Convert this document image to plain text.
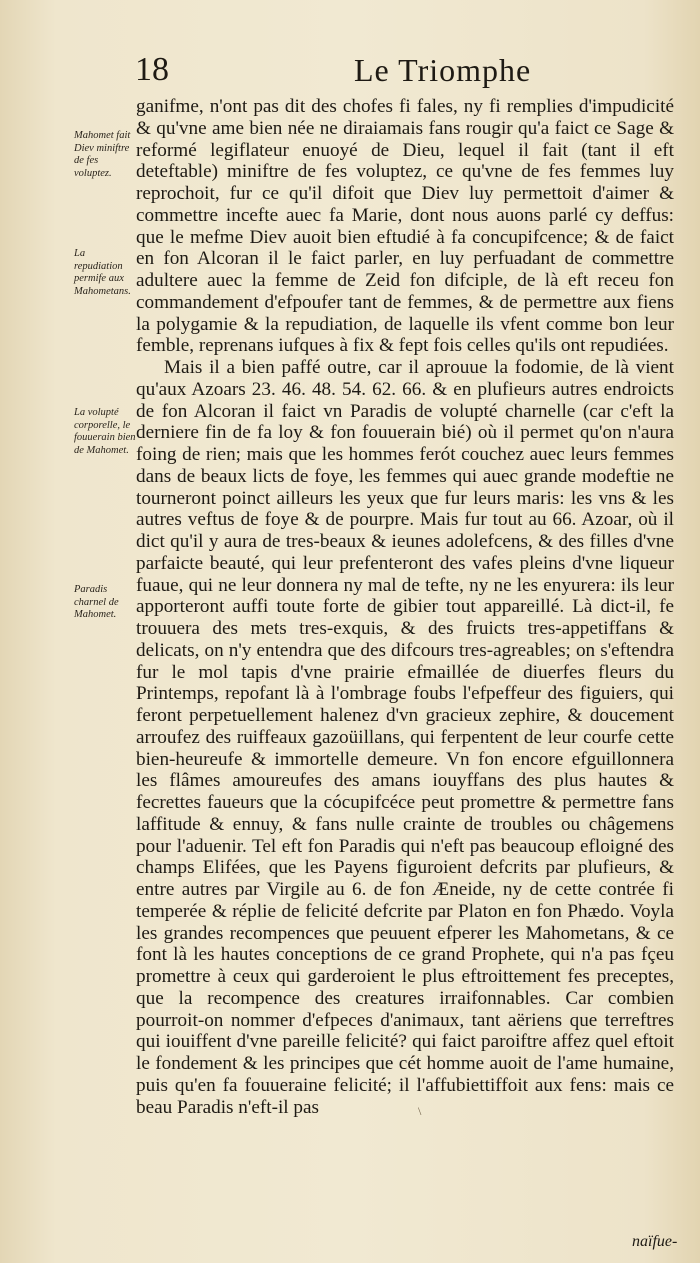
18	Le Triomphe
Mahomet fait Diev miniftre de fes voluptez.
La repudiation permife aux Mahometans.
La volupté corporelle, le fouuerain bien de Mahomet.
Paradis charnel de Mahomet.

ganifme, n'ont pas dit des chofes fi fales, ny fi remplies d'impudicité & qu'vne ame bien née ne diraiamais fans rougir qu'a faict ce Sage & reformé legiflateur enuoyé de Dieu, lequel il fait (tant il eft deteftable) miniftre de fes voluptez, ce qu'vne de fes femmes luy reprochoit, fur ce qu'il difoit que Diev luy permettoit d'aimer & commettre incefte auec fa Marie, dont nous auons parlé cy deffus: que le mefme Diev auoit bien eftudié à fa concupifcence; & de faict en fon Alcoran il le faict parler, en luy perfuadant de commettre adultere auec la femme de Zeid fon difciple, de là eft receu fon commandement d'efpoufer tant de femmes, & de permettre aux fiens la polygamie & la repudiation, de laquelle ils vfent comme bon leur femble, reprenans iufques à fix & fept fois celles qu'ils ont repudiées.

Mais il a bien paffé outre, car il aprouue la fodomie, de là vient qu'aux Azoars 23. 46. 48. 54. 62. 66. & en plufieurs autres endroicts de fon Alcoran il faict vn Paradis de volupté charnelle (car c'eft la derniere fin de fa loy & fon fouuerain bié) où il permet qu'on n'aura foing de rien; mais que les hommes ferót couchez auec leurs femmes dans de beaux licts de foye, les femmes qui auec grande modeftie ne tourneront poinct ailleurs les yeux que fur leurs maris: les vns & les autres veftus de foye & de pourpre. Mais fur tout au 66. Azoar, où il dict qu'il y aura de tres-beaux & ieunes adolefcens, & des filles d'vne parfaicte beauté, qui leur prefenteront des vafes pleins d'vne liqueur fuaue, qui ne leur donnera ny mal de tefte, ny ne les enyurera: ils leur apporteront auffi toute forte de gibier tout appareillé. Là dict-il, fe trouuera des mets tres-exquis, & des fruicts tres-appetiffans & delicats, on n'y entendra que des difcours tres-agreables; on s'eftendra fur le mol tapis d'vne prairie efmaillée de diuerfes fleurs du Printemps, repofant là à l'ombrage foubs l'efpeffeur des figuiers, qui feront perpetuellement halenez d'vn gracieux zephire, & doucement arroufez des ruiffeaux gazoüillans, qui ferpentent de leur courfe cette bien-heureufe & immortelle demeure. Vn fon encore efguillonnera les flâmes amoureufes des amans iouyffans des plus hautes & fecrettes faueurs que la cócupifcéce peut promettre & permettre fans laffitude & ennuy, & fans nulle crainte de troubles ou châgemens pour l'aduenir. Tel eft fon Paradis qui n'eft pas beaucoup efloigné des champs Elifées, que les Payens figuroient defcrits par plufieurs, & entre autres par Virgile au 6. de fon Æneide, ny de cette contrée fi temperée & réplie de felicité defcrite par Platon en fon Phædo. Voyla les grandes recompences que peuuent efperer les Mahometans, & ce font là les hautes conceptions de ce grand Prophete, qui n'a pas fçeu promettre à ceux qui garderoient le plus eftroittement fes preceptes, que la recompence des creatures irraifonnables. Car combien pourroit-on nommer d'efpeces d'animaux, tant aëriens que terreftres qui iouiffent d'vne pareille felicité? qui faict paroiftre affez quel eftoit le fondement & les principes que cét homme auoit de l'ame humaine, puis qu'en fa fouueraine felicité; il l'affubiettiffoit aux fens: mais ce beau Paradis n'eft-il pas	\
naïfue-
